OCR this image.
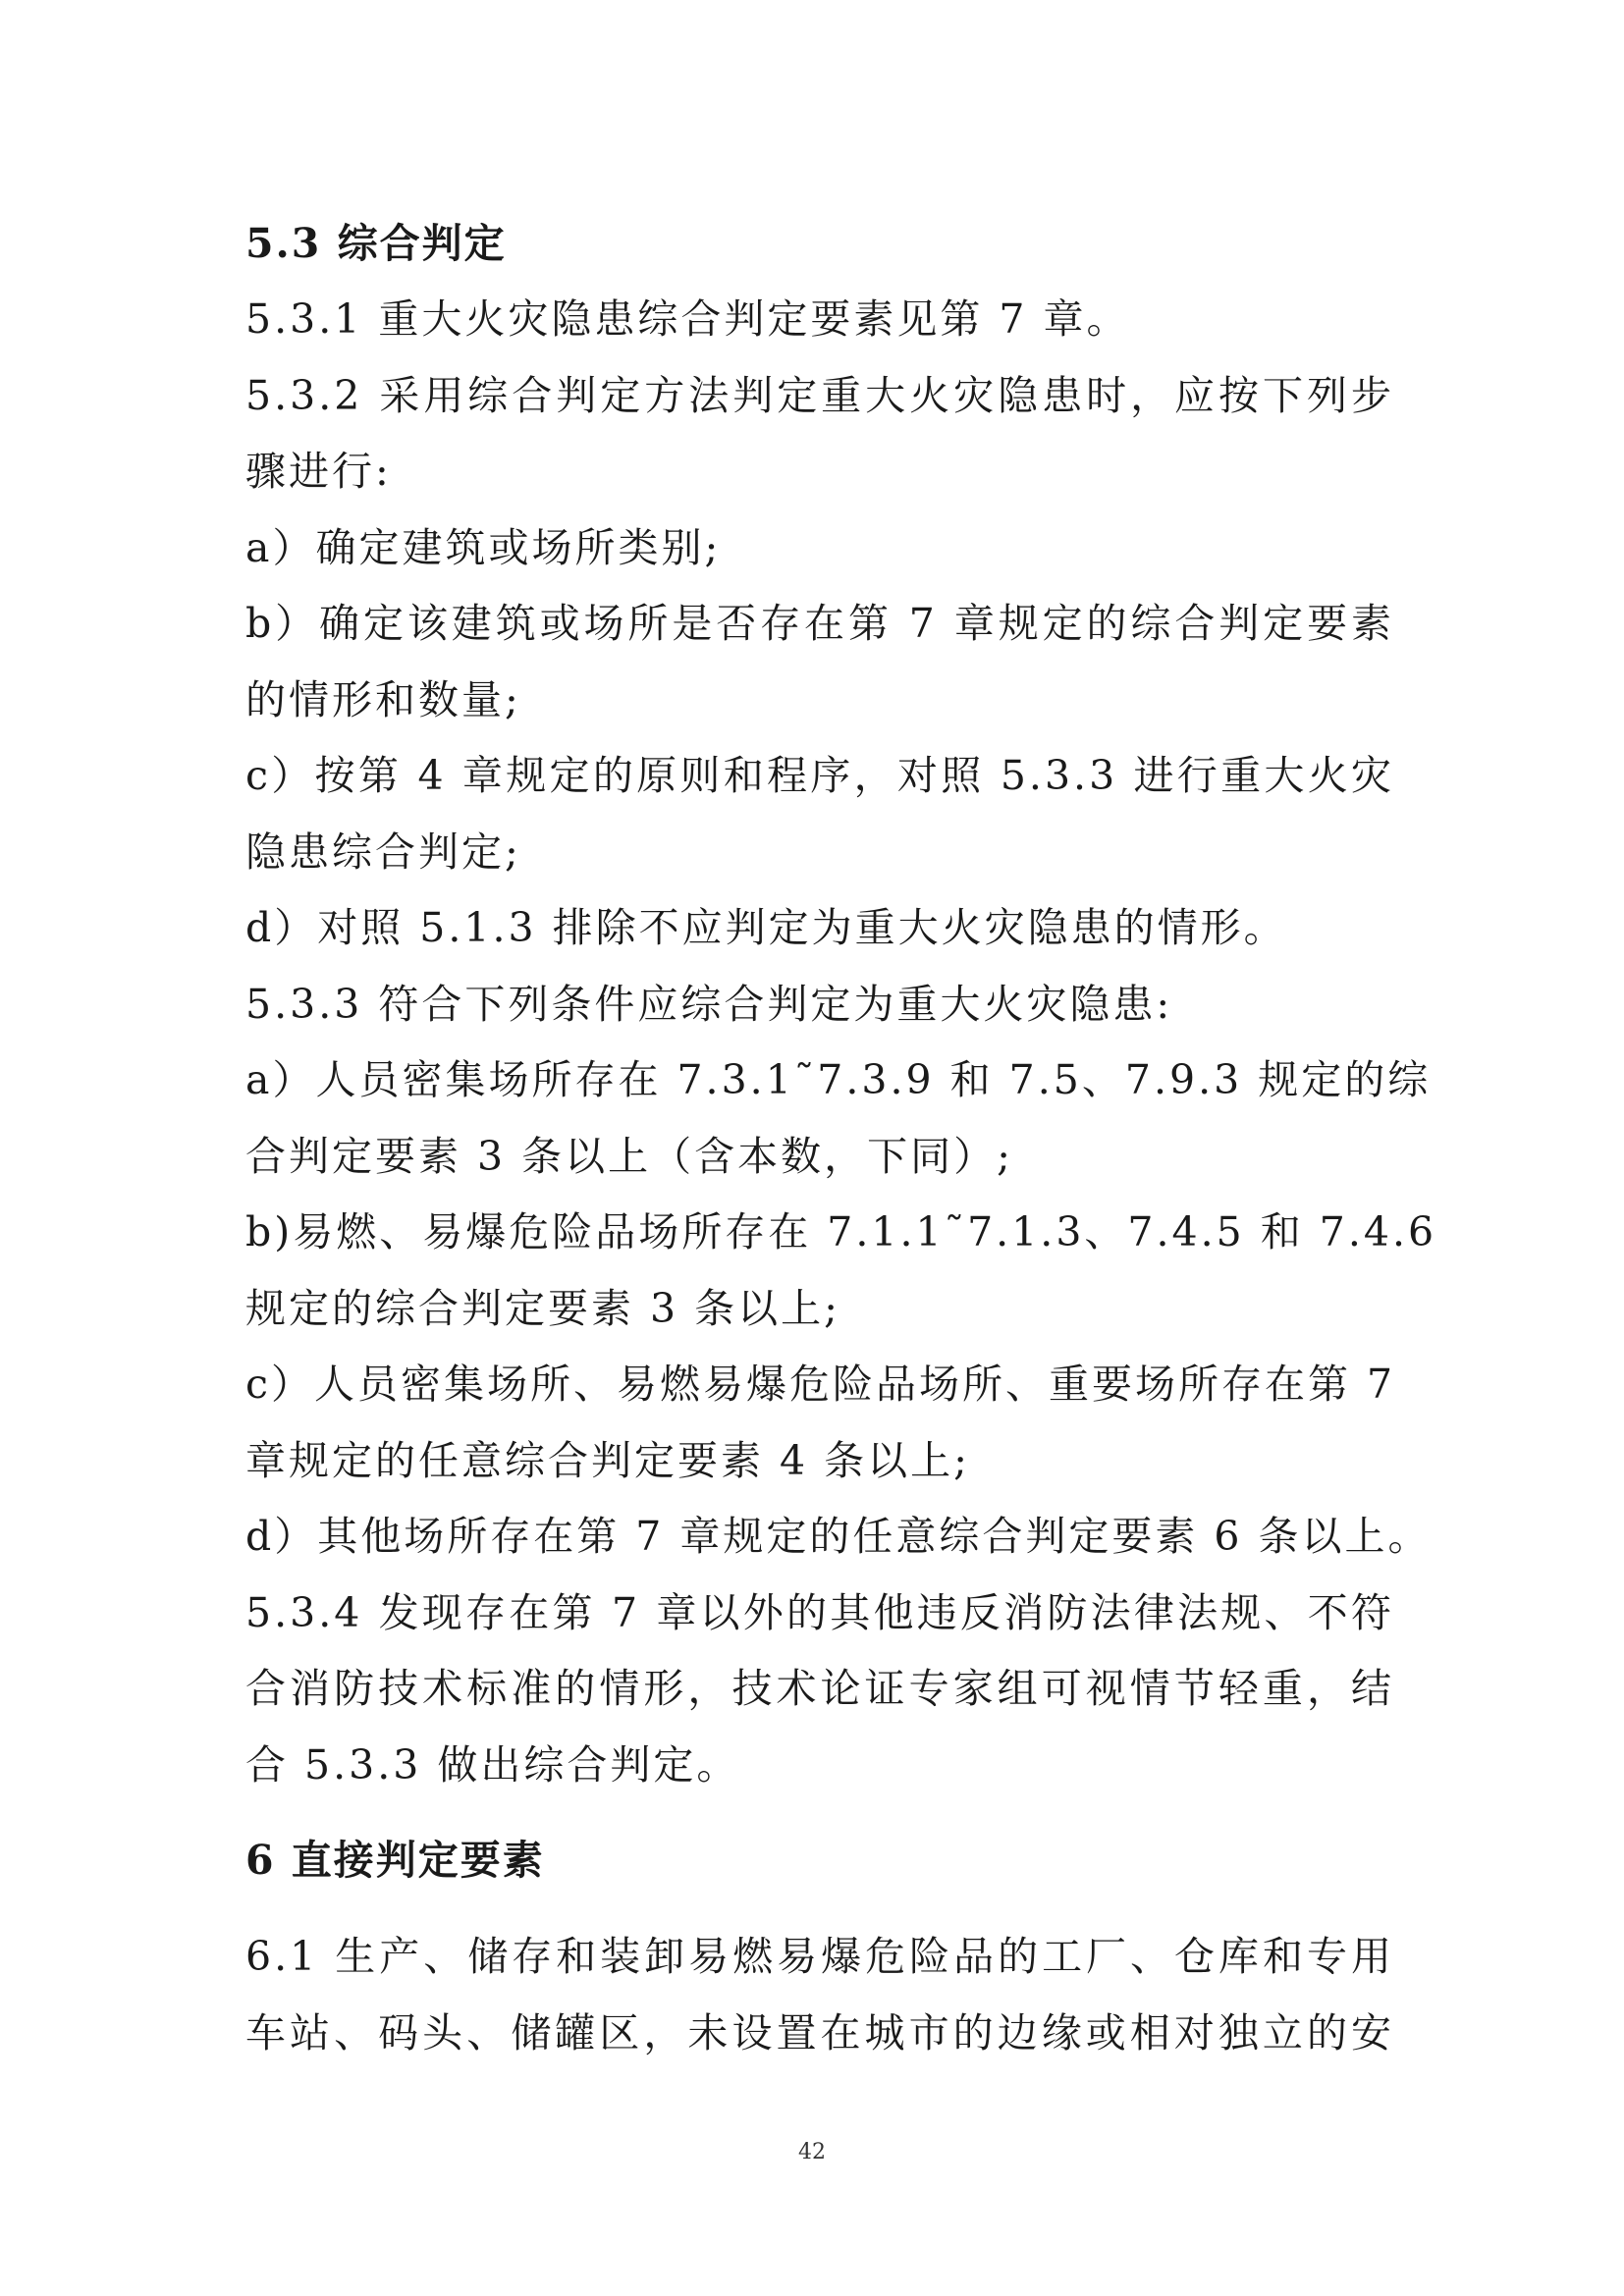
5.3 综合判定
5.3.1 重大火灾隐患综合判定要素见第 7 章。
5.3.2 采用综合判定方法判定重大火灾隐患时，应按下列步
骤进行:
a）确定建筑或场所类别;
b）确定该建筑或场所是否存在第 7 章规定的综合判定要素
的情形和数量;
c）按第 4 章规定的原则和程序，对照 5.3.3 进行重大火灾
隐患综合判定;
d）对照 5.1.3 排除不应判定为重大火灾隐患的情形。
5.3.3 符合下列条件应综合判定为重大火灾隐患:
a）人员密集场所存在 7.3.1˜7.3.9 和 7.5、7.9.3 规定的综
合判定要素 3 条以上（含本数，下同）;
b)易燃、易爆危险品场所存在 7.1.1˜7.1.3、7.4.5 和 7.4.6
规定的综合判定要素 3 条以上;
c）人员密集场所、易燃易爆危险品场所、重要场所存在第 7
章规定的任意综合判定要素 4 条以上;
d）其他场所存在第 7 章规定的任意综合判定要素 6 条以上。
5.3.4 发现存在第 7 章以外的其他违反消防法律法规、不符
合消防技术标准的情形，技术论证专家组可视情节轻重，结
合 5.3.3 做出综合判定。
6 直接判定要素
6.1 生产、储存和装卸易燃易爆危险品的工厂、仓库和专用
车站、码头、储罐区，未设置在城市的边缘或相对独立的安
42
